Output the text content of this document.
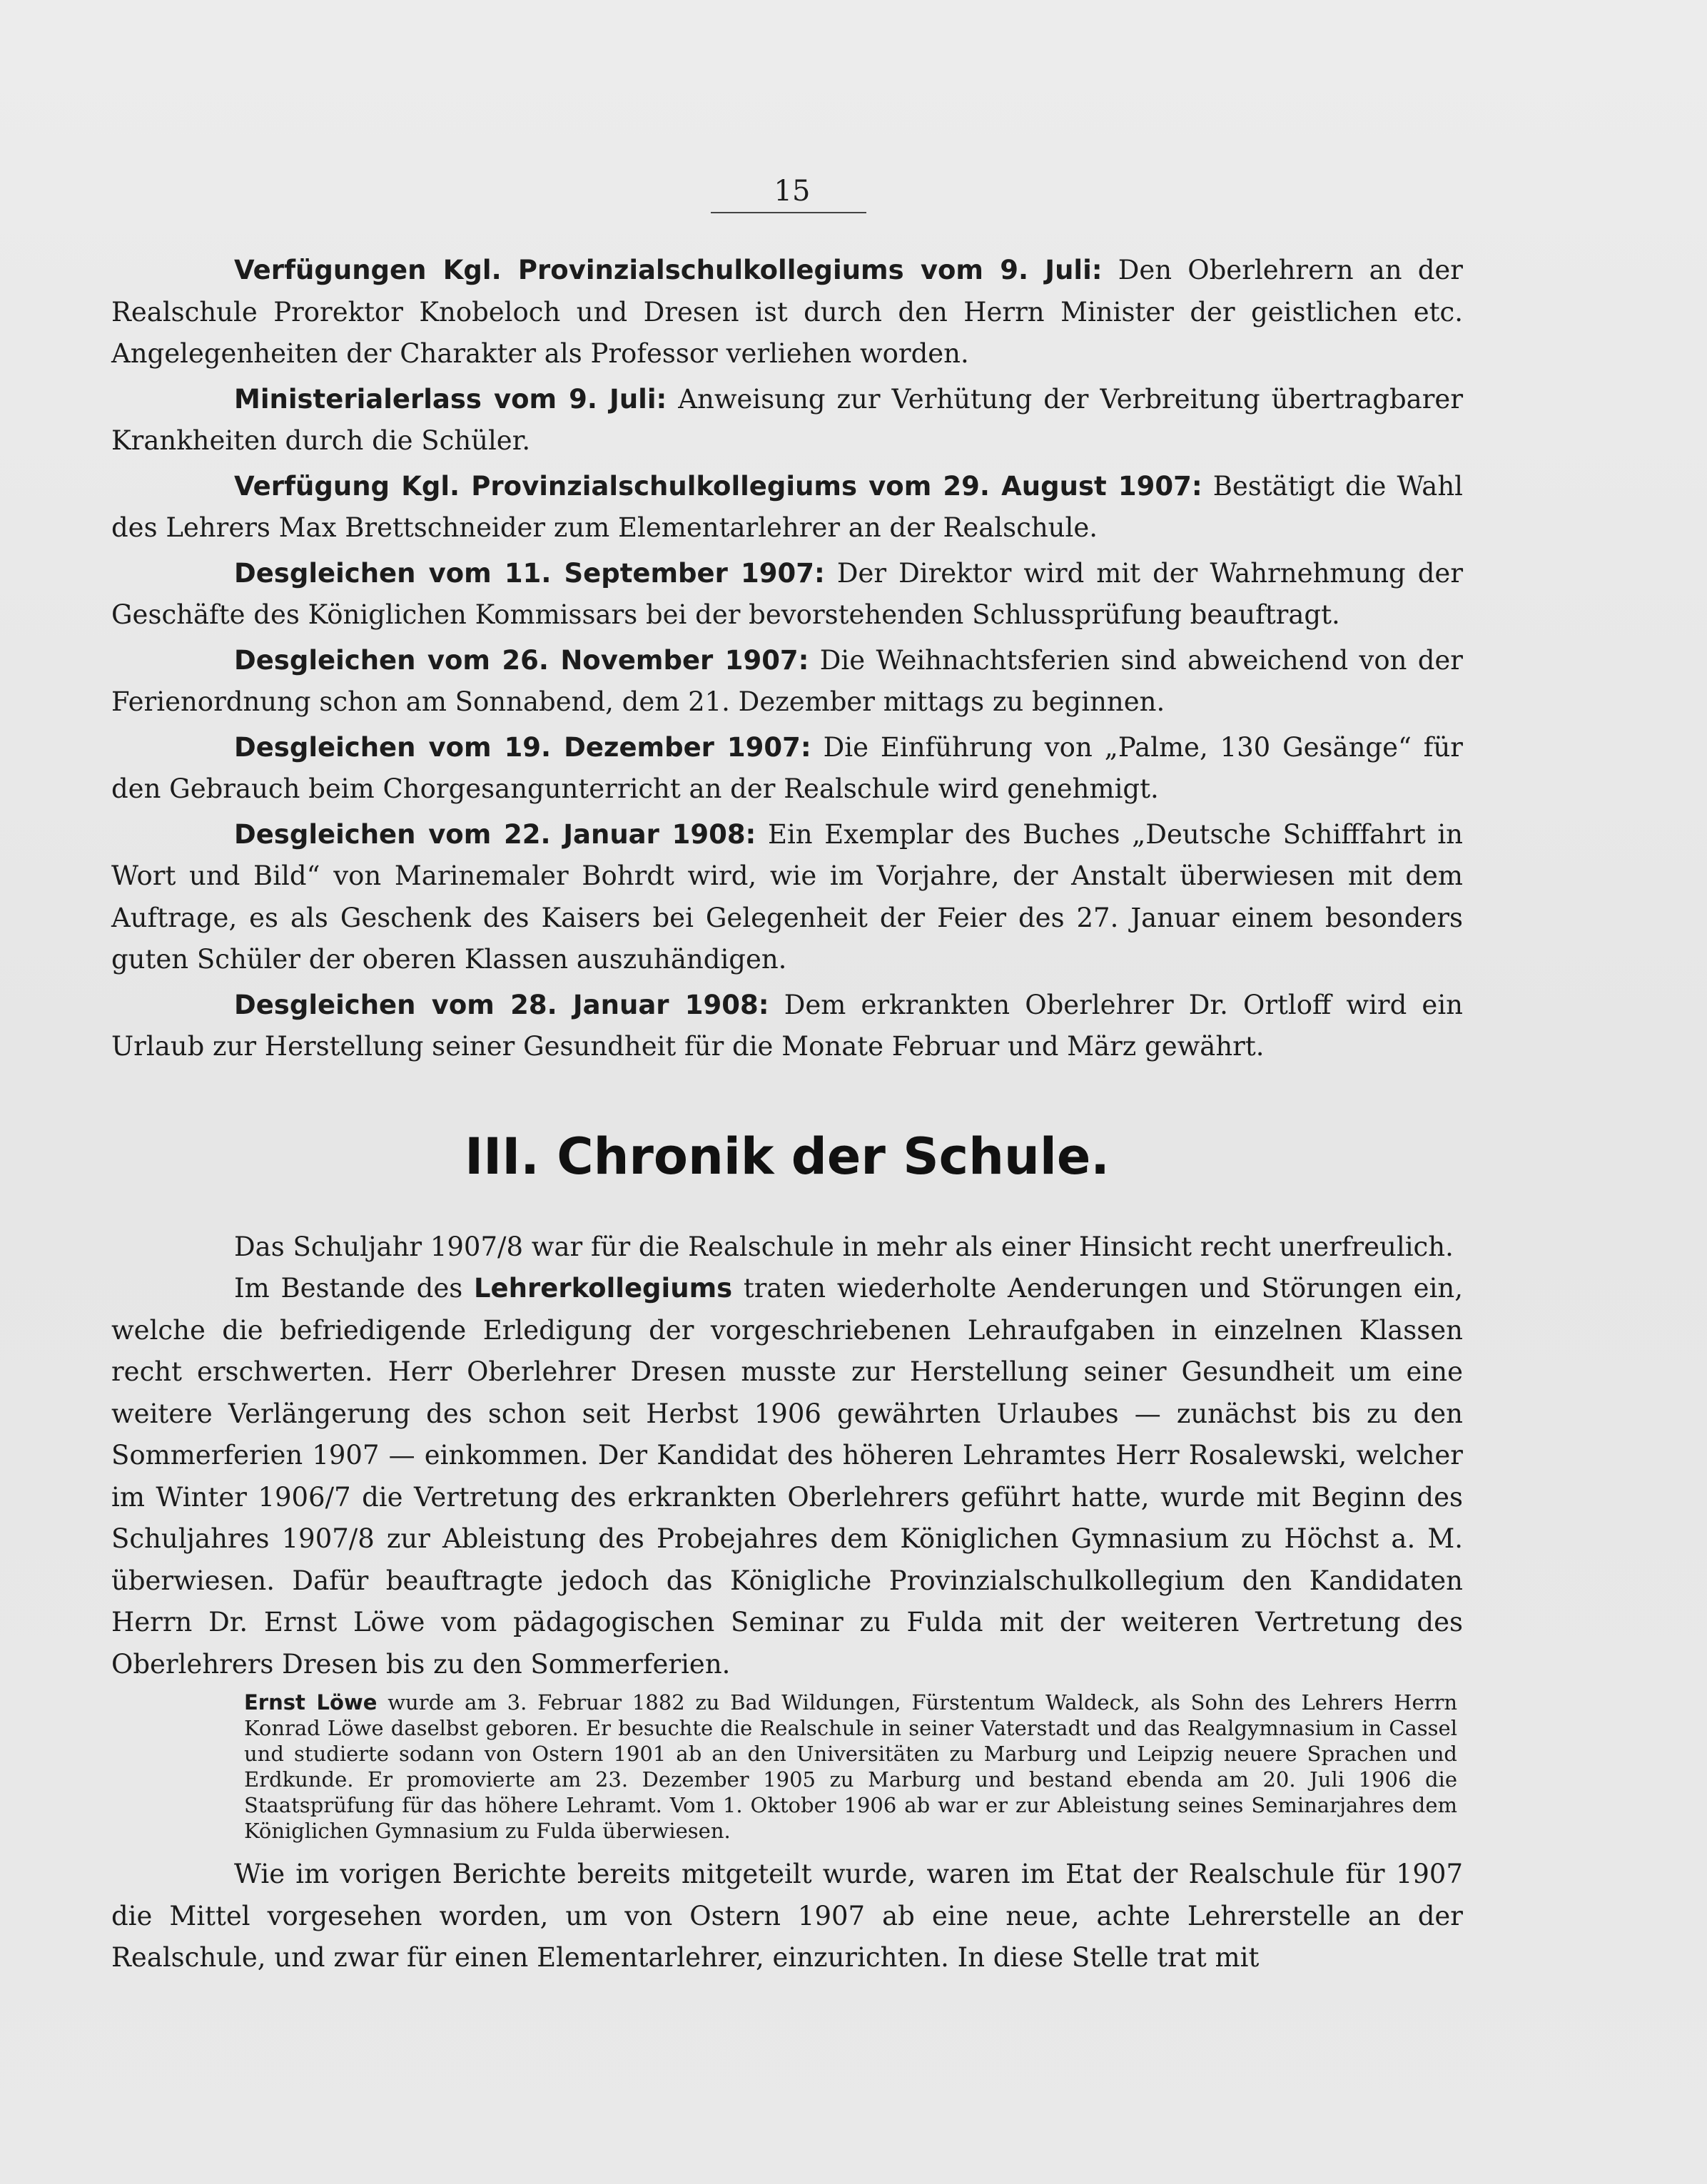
15

Verfügungen Kgl. Provinzialschulkollegiums vom 9. Juli: Den Oberlehrern an der Realschule Prorektor Knobeloch und Dresen ist durch den Herrn Minister der geistlichen etc. Angelegenheiten der Charakter als Professor verliehen worden.

Ministerialerlass vom 9. Juli: Anweisung zur Verhütung der Verbreitung übertragbarer Krankheiten durch die Schüler.

Verfügung Kgl. Provinzialschulkollegiums vom 29. August 1907: Bestätigt die Wahl des Lehrers Max Brettschneider zum Elementarlehrer an der Realschule.

Desgleichen vom 11. September 1907: Der Direktor wird mit der Wahrnehmung der Geschäfte des Königlichen Kommissars bei der bevorstehenden Schlussprüfung beauftragt.

Desgleichen vom 26. November 1907: Die Weihnachtsferien sind abweichend von der Ferienordnung schon am Sonnabend, dem 21. Dezember mittags zu beginnen.

Desgleichen vom 19. Dezember 1907: Die Einführung von „Palme, 130 Gesänge“ für den Gebrauch beim Chorgesangunterricht an der Realschule wird genehmigt.

Desgleichen vom 22. Januar 1908: Ein Exemplar des Buches „Deutsche Schifffahrt in Wort und Bild“ von Marinemaler Bohrdt wird, wie im Vorjahre, der Anstalt überwiesen mit dem Auftrage, es als Geschenk des Kaisers bei Gelegenheit der Feier des 27. Januar einem besonders guten Schüler der oberen Klassen auszuhändigen.

Desgleichen vom 28. Januar 1908: Dem erkrankten Oberlehrer Dr. Ortloff wird ein Urlaub zur Herstellung seiner Gesundheit für die Monate Februar und März gewährt.

III. Chronik der Schule.

Das Schuljahr 1907/8 war für die Realschule in mehr als einer Hinsicht recht unerfreulich.

Im Bestande des Lehrerkollegiums traten wiederholte Aenderungen und Störungen ein, welche die befriedigende Erledigung der vorgeschriebenen Lehraufgaben in einzelnen Klassen recht erschwerten. Herr Oberlehrer Dresen musste zur Herstellung seiner Gesundheit um eine weitere Verlängerung des schon seit Herbst 1906 gewährten Urlaubes — zunächst bis zu den Sommerferien 1907 — einkommen. Der Kandidat des höheren Lehramtes Herr Rosalewski, welcher im Winter 1906/7 die Vertretung des erkrankten Oberlehrers geführt hatte, wurde mit Beginn des Schuljahres 1907/8 zur Ableistung des Probejahres dem Königlichen Gymnasium zu Höchst a. M. überwiesen. Dafür beauftragte jedoch das Königliche Provinzialschulkollegium den Kandidaten Herrn Dr. Ernst Löwe vom pädagogischen Seminar zu Fulda mit der weiteren Vertretung des Oberlehrers Dresen bis zu den Sommerferien.

Ernst Löwe wurde am 3. Februar 1882 zu Bad Wildungen, Fürstentum Waldeck, als Sohn des Lehrers Herrn Konrad Löwe daselbst geboren. Er besuchte die Realschule in seiner Vaterstadt und das Realgymnasium in Cassel und studierte sodann von Ostern 1901 ab an den Universitäten zu Marburg und Leipzig neuere Sprachen und Erdkunde. Er promovierte am 23. Dezember 1905 zu Marburg und bestand ebenda am 20. Juli 1906 die Staatsprüfung für das höhere Lehramt. Vom 1. Oktober 1906 ab war er zur Ableistung seines Seminarjahres dem Königlichen Gymnasium zu Fulda überwiesen.

Wie im vorigen Berichte bereits mitgeteilt wurde, waren im Etat der Realschule für 1907 die Mittel vorgesehen worden, um von Ostern 1907 ab eine neue, achte Lehrerstelle an der Realschule, und zwar für einen Elementarlehrer, einzurichten. In diese Stelle trat mit
